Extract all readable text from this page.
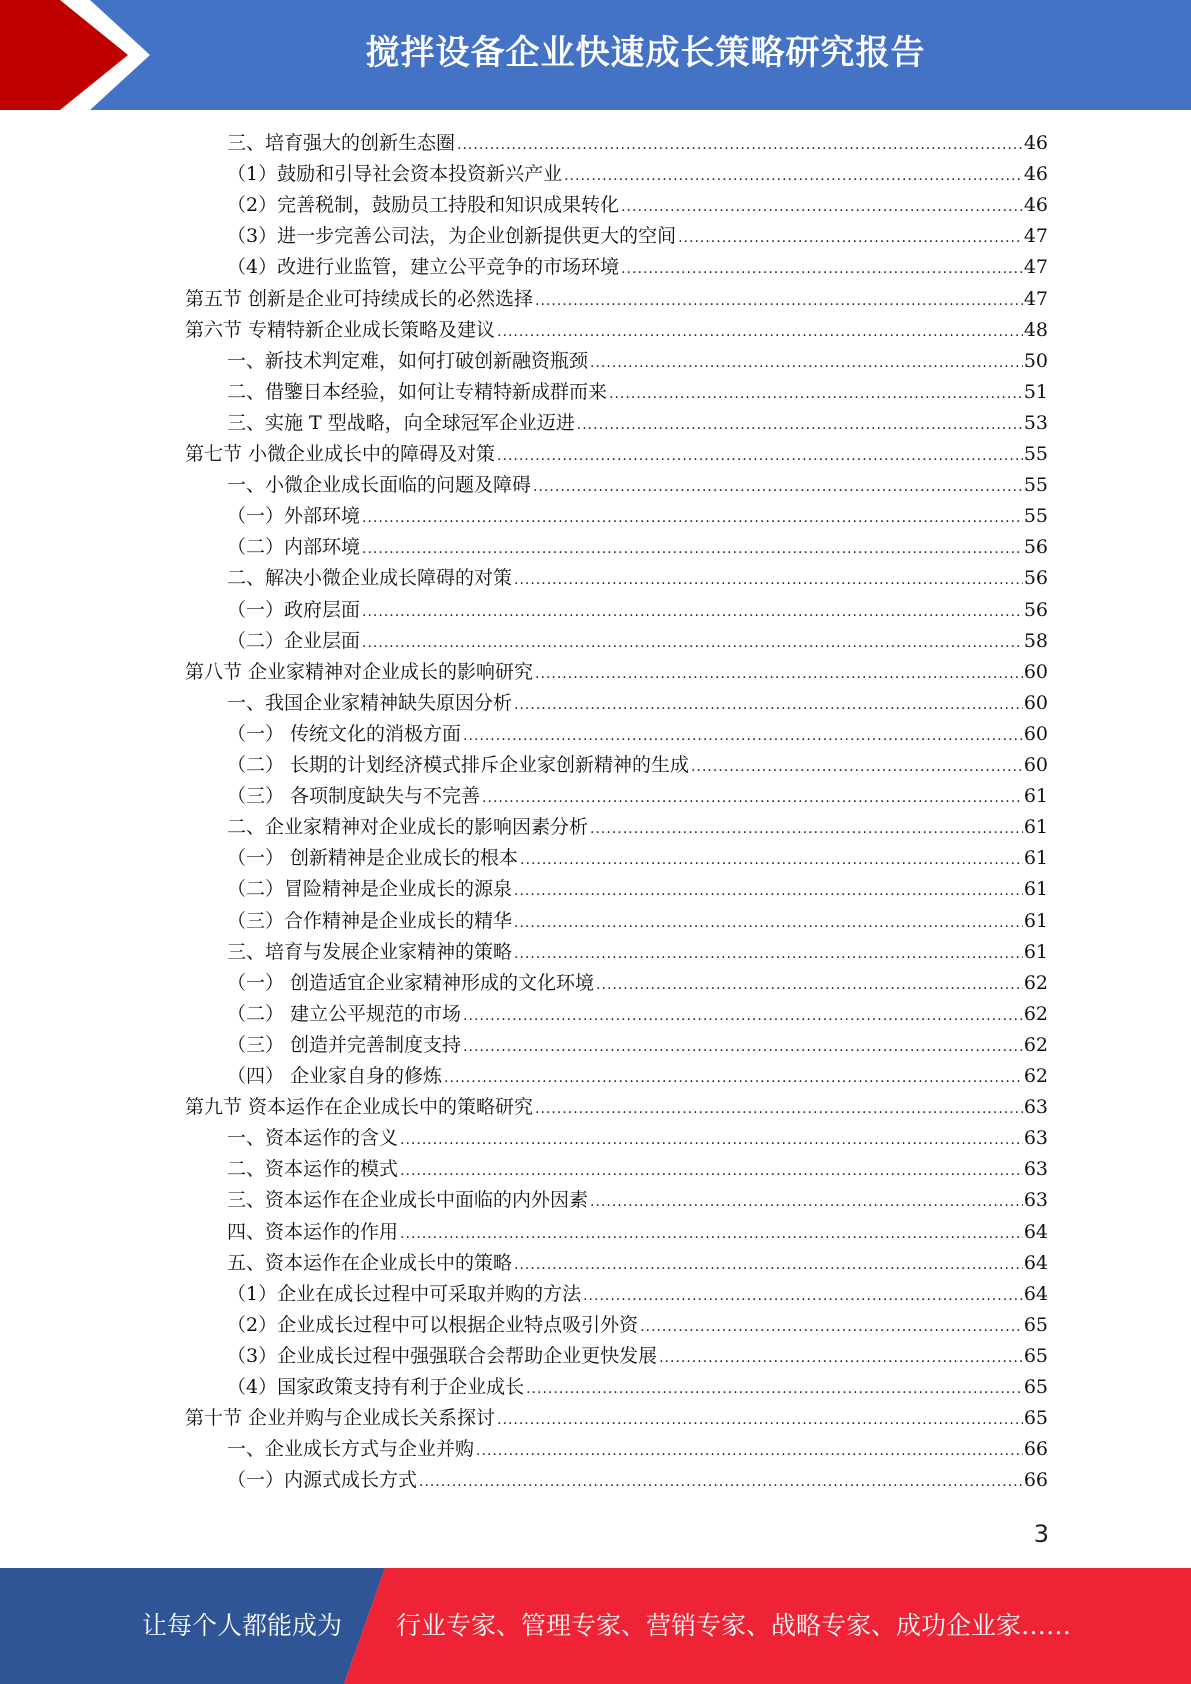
搅拌设备企业快速成长策略研究报告
三、培育强大的创新生态圈 .....	46
（1）鼓励和引导社会资本投资新兴产业 .....	46
（2）完善税制，鼓励员工持股和知识成果转化 .....	46
（3）进一步完善公司法，为企业创新提供更大的空间 .....	47
（4）改进行业监管，建立公平竞争的市场环境 .....	47
第五节 创新是企业可持续成长的必然选择 .....	47
第六节 专精特新企业成长策略及建议 .....	48
一、新技术判定难，如何打破创新融资瓶颈 .....	50
二、借鑒日本经验，如何让专精特新成群而来 .....	51
三、实施 T 型战略，向全球冠军企业迈进 .....	53
第七节 小微企业成长中的障碍及对策 .....	55
一、小微企业成长面临的问题及障碍 .....	55
（一）外部环境 .....	55
（二）内部环境 .....	56
二、解决小微企业成长障碍的对策 .....	56
（一）政府层面 .....	56
（二）企业层面 .....	58
第八节 企业家精神对企业成长的影响研究 .....	60
一、我国企业家精神缺失原因分析 .....	60
（一） 传统文化的消极方面 .....	60
（二） 长期的计划经济模式排斥企业家创新精神的生成 .....	60
（三） 各项制度缺失与不完善 .....	61
二、企业家精神对企业成长的影响因素分析 .....	61
（一） 创新精神是企业成长的根本 .....	61
（二）冒险精神是企业成长的源泉 .....	61
（三）合作精神是企业成长的精华 .....	61
三、培育与发展企业家精神的策略 .....	61
（一） 创造适宜企业家精神形成的文化环境 .....	62
（二） 建立公平规范的市场 .....	62
（三） 创造并完善制度支持 .....	62
（四） 企业家自身的修炼 .....	62
第九节 资本运作在企业成长中的策略研究 .....	63
一、资本运作的含义 .....	63
二、资本运作的模式 .....	63
三、资本运作在企业成长中面临的内外因素 .....	63
四、资本运作的作用 .....	64
五、资本运作在企业成长中的策略 .....	64
（1）企业在成长过程中可采取并购的方法 .....	64
（2）企业成长过程中可以根据企业特点吸引外资 .....	65
（3）企业成长过程中强强联合会帮助企业更快发展 .....	65
（4）国家政策支持有利于企业成长 .....	65
第十节 企业并购与企业成长关系探讨 .....	65
一、企业成长方式与企业并购 .....	66
（一）内源式成长方式 .....	66
3
让每个人都能成为 行业专家、管理专家、营销专家、战略专家、成功企业家……
